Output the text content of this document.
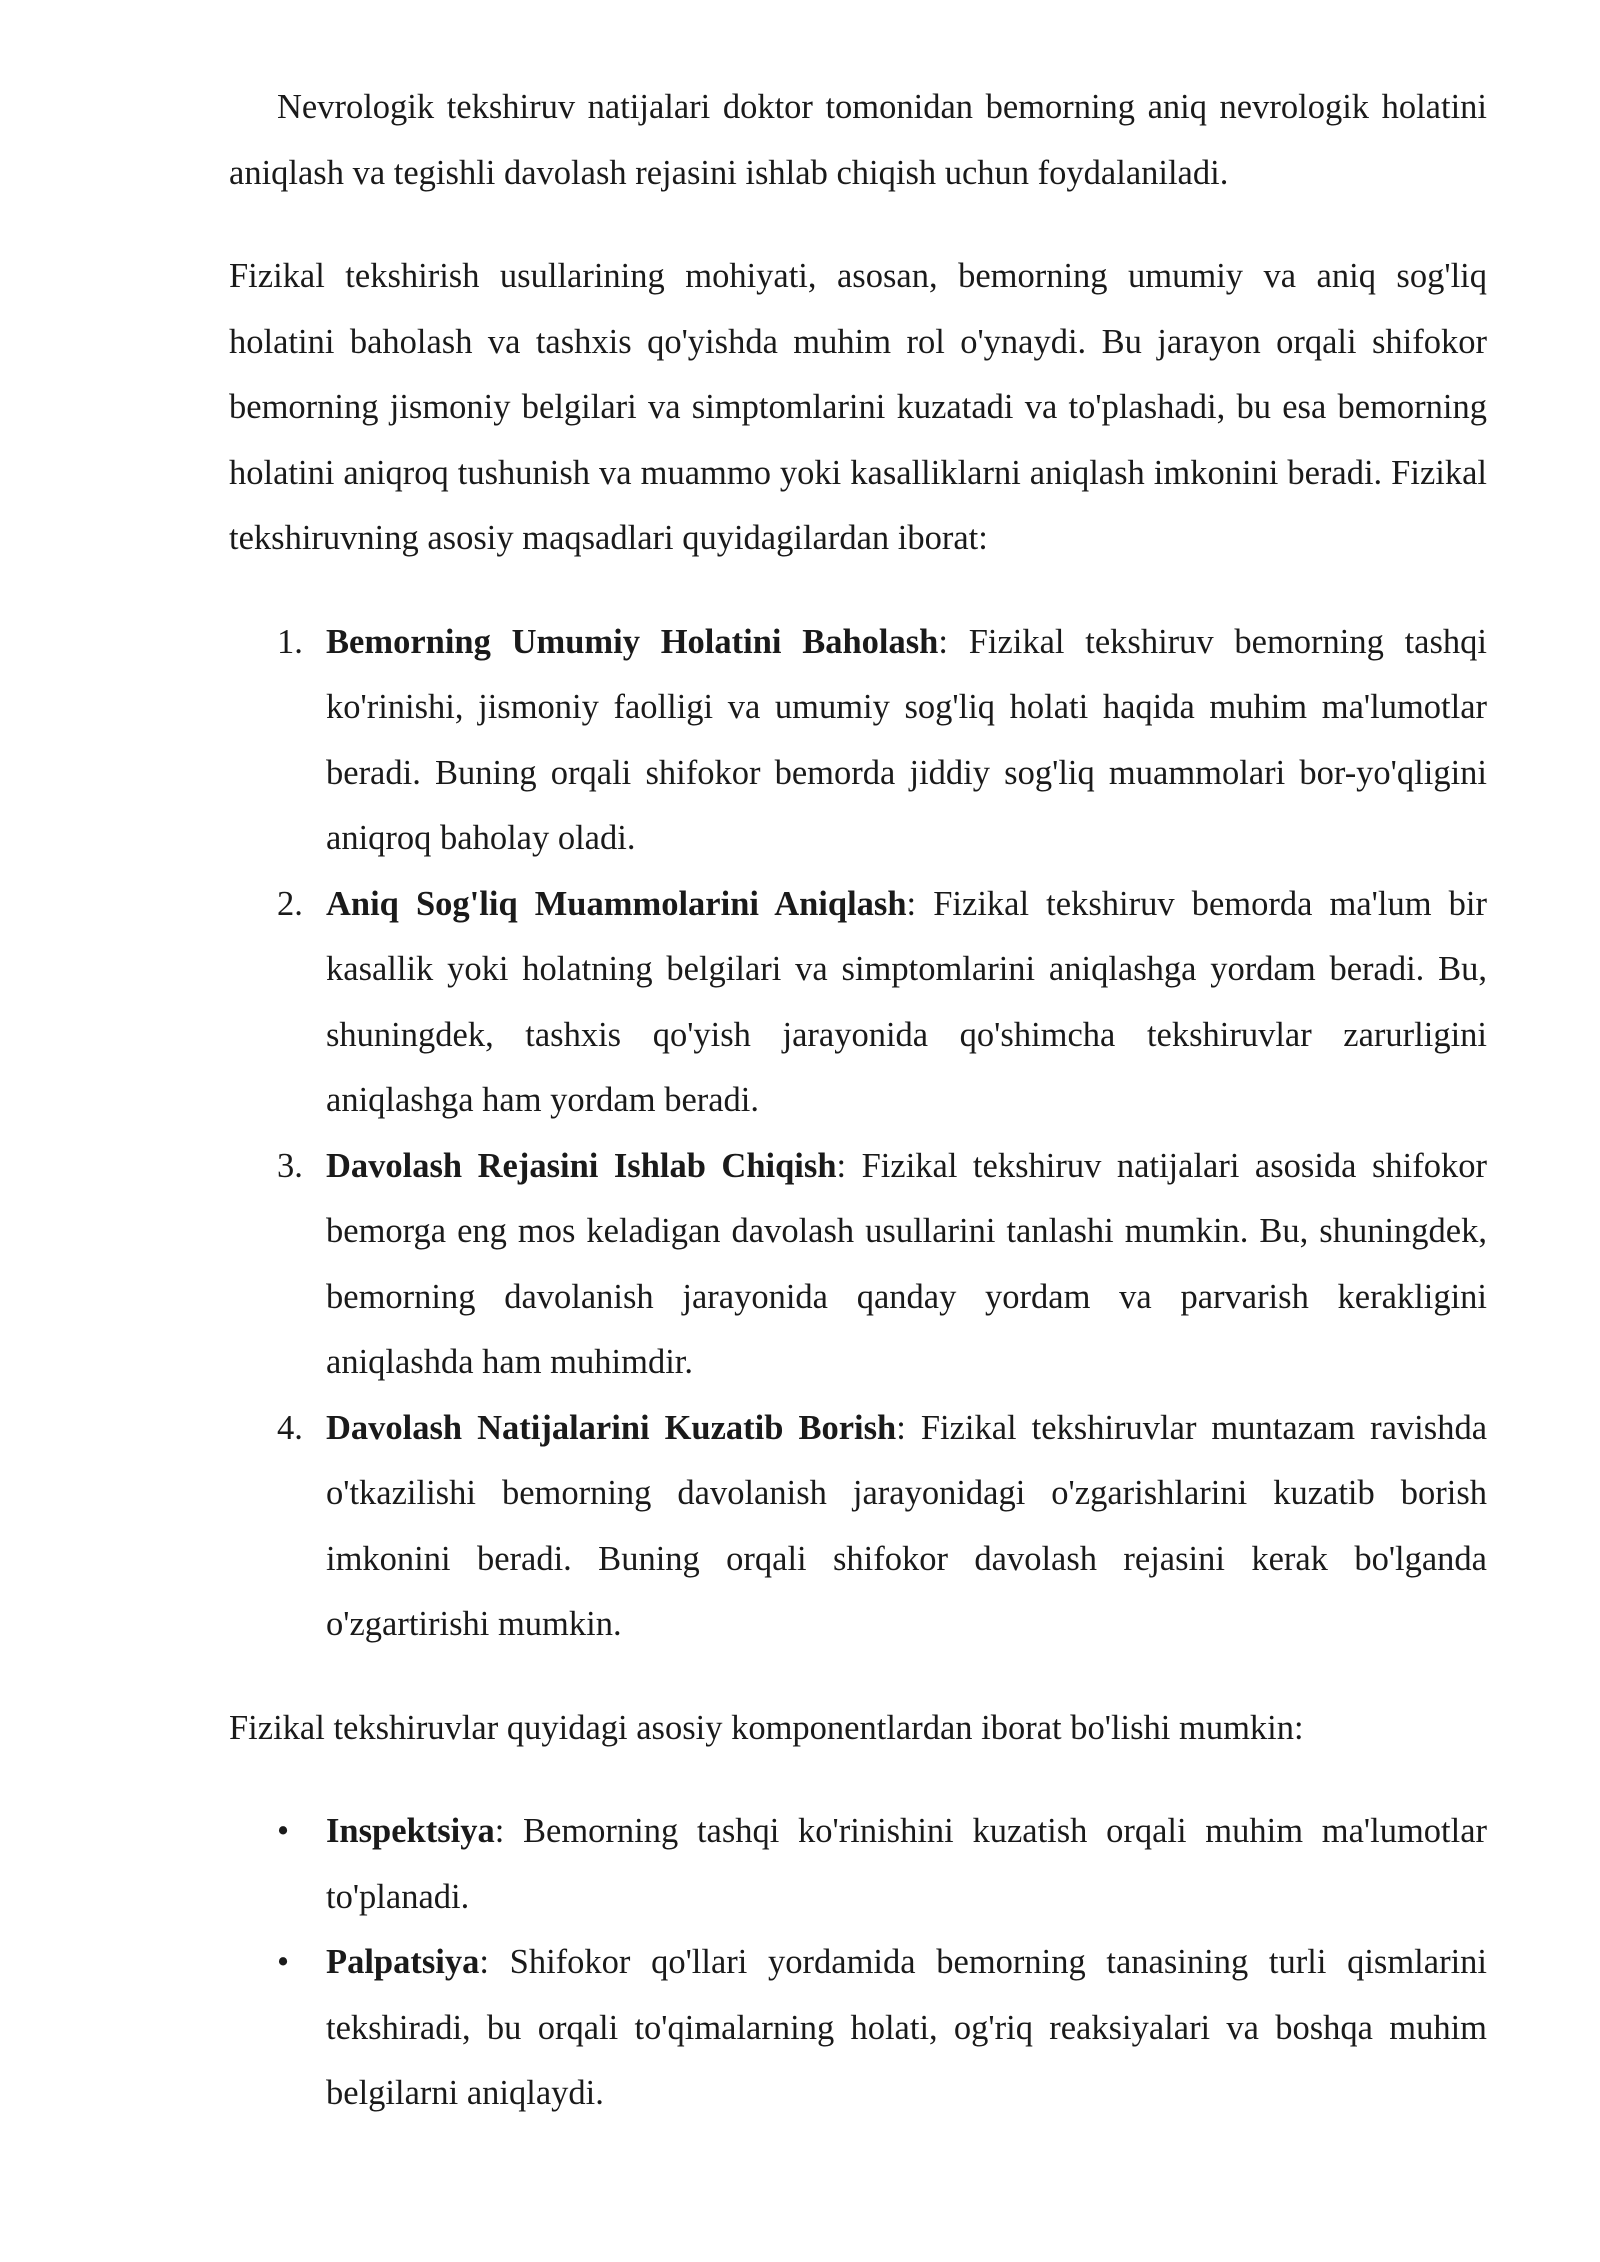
Nevrologik tekshiruv natijalari doktor tomonidan bemorning aniq nevrologik holatini aniqlash va tegishli davolash rejasini ishlab chiqish uchun foydalaniladi.

Fizikal tekshirish usullarining mohiyati, asosan, bemorning umumiy va aniq sog'liq holatini baholash va tashxis qo'yishda muhim rol o'ynaydi. Bu jarayon orqali shifokor bemorning jismoniy belgilari va simptomlarini kuzatadi va to'plashadi, bu esa bemorning holatini aniqroq tushunish va muammo yoki kasalliklarni aniqlash imkonini beradi. Fizikal tekshiruvning asosiy maqsadlari quyidagilardan iborat:

1. Bemorning Umumiy Holatini Baholash: Fizikal tekshiruv bemorning tashqi ko'rinishi, jismoniy faolligi va umumiy sog'liq holati haqida muhim ma'lumotlar beradi. Buning orqali shifokor bemorda jiddiy sog'liq muammolari bor-yo'qligini aniqroq baholay oladi.
2. Aniq Sog'liq Muammolarini Aniqlash: Fizikal tekshiruv bemorda ma'lum bir kasallik yoki holatning belgilari va simptomlarini aniqlashga yordam beradi. Bu, shuningdek, tashxis qo'yish jarayonida qo'shimcha tekshiruvlar zarurligini aniqlashga ham yordam beradi.
3. Davolash Rejasini Ishlab Chiqish: Fizikal tekshiruv natijalari asosida shifokor bemorga eng mos keladigan davolash usullarini tanlashi mumkin. Bu, shuningdek, bemorning davolanish jarayonida qanday yordam va parvarish kerakligini aniqlashda ham muhimdir.
4. Davolash Natijalarini Kuzatib Borish: Fizikal tekshiruvlar muntazam ravishda o'tkazilishi bemorning davolanish jarayonidagi o'zgarishlarini kuzatib borish imkonini beradi. Buning orqali shifokor davolash rejasini kerak bo'lganda o'zgartirishi mumkin.

Fizikal tekshiruvlar quyidagi asosiy komponentlardan iborat bo'lishi mumkin:

• Inspektsiya: Bemorning tashqi ko'rinishini kuzatish orqali muhim ma'lumotlar to'planadi.
• Palpatsiya: Shifokor qo'llari yordamida bemorning tanasining turli qismlarini tekshiradi, bu orqali to'qimalarning holati, og'riq reaksiyalari va boshqa muhim belgilarni aniqlaydi.
